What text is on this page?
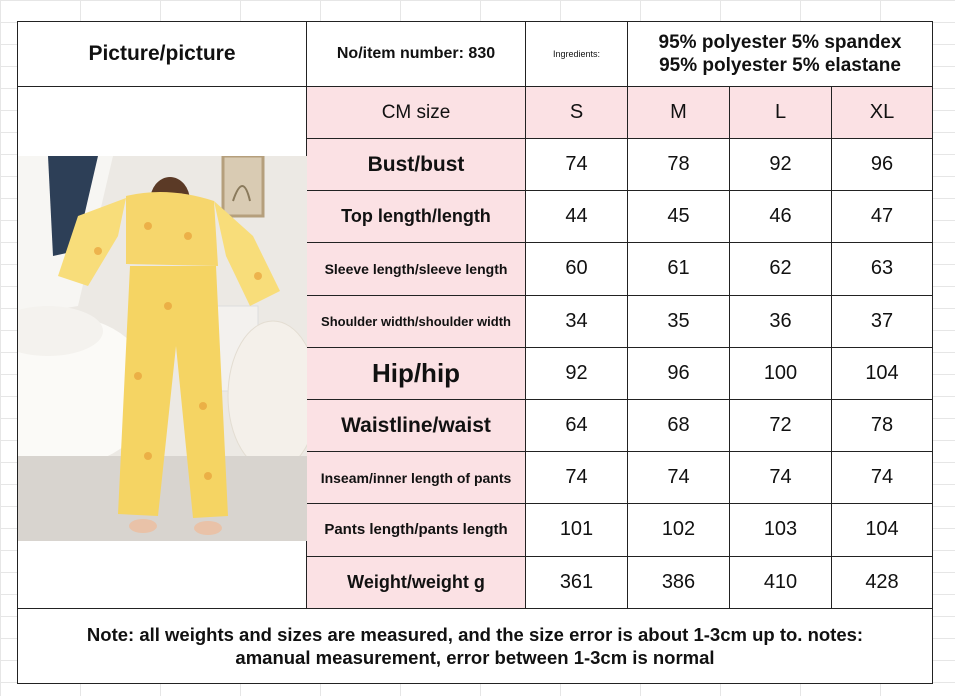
Picture/picture	No/item number: 830	Ingredients:
95% polyester 5% spandex
95% polyester 5% elastane
CM size	S	M	L	XL
Bust/bust	74	78	92	96
Top length/length	44	45	46	47
Sleeve length/sleeve length	60	61	62	63
Shoulder width/shoulder width	34	35	36	37
Hip/hip	92	96	100	104
Waistline/waist	64	68	72	78
Inseam/inner length of pants	74	74	74	74
Pants length/pants length	101	102	103	104
Weight/weight g	361	386	410	428
Note: all weights and sizes are measured, and the size error is about 1-3cm up to. notes:
amanual measurement, error between 1-3cm is normal
